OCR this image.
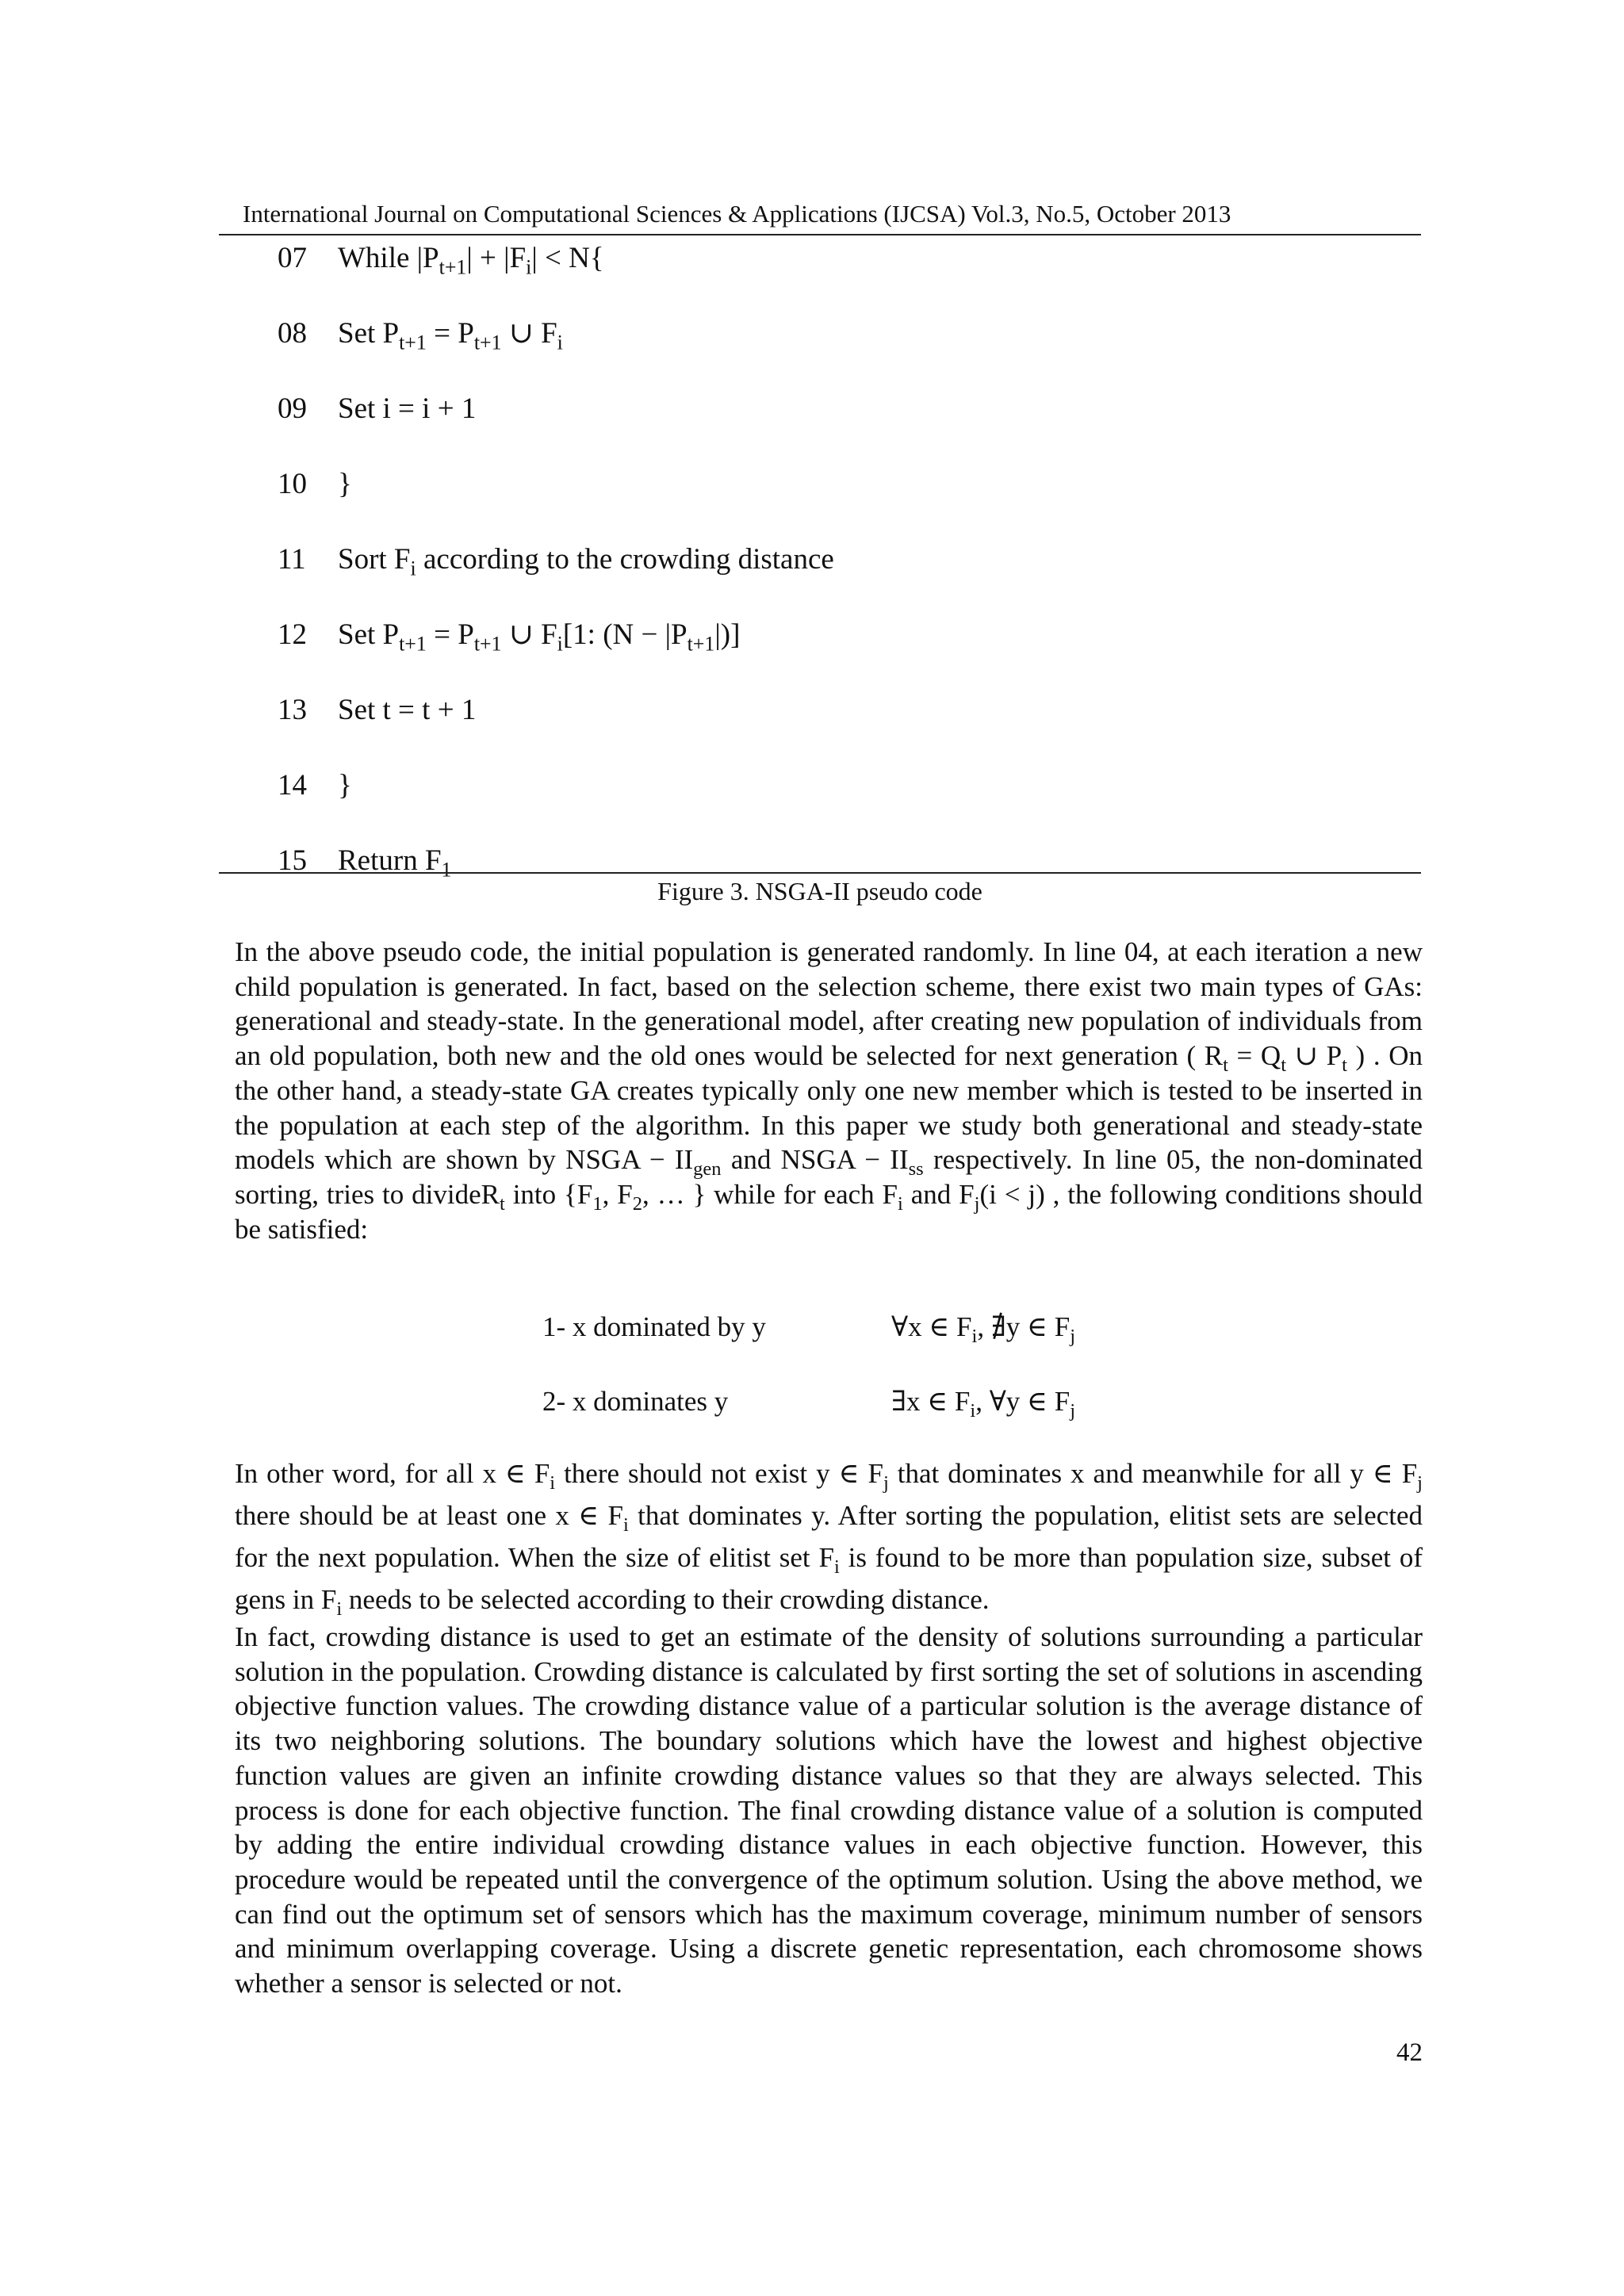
International Journal on Computational Sciences & Applications (IJCSA) Vol.3, No.5, October 2013
07	While $|P_{t+1}| + |F_i| < N${
08	Set $P_{t+1} = P_{t+1}$ ∪ $F_i$
09	Set i = i + 1
10	}
11	Sort $F_i$ according to the crowding distance
12	Set $P_{t+1} = P_{t+1}$ ∪ $F_i[1$: $(N - |P_{t+1}|)$]
13	Set t = t + 1
14	}
15	Return $F_1$
Figure 3. NSGA-II pseudo code
In the above pseudo code, the initial population is generated randomly. In line 04, at each iteration a new child population is generated. In fact, based on the selection scheme, there exist two main types of GAs: generational and steady-state. In the generational model, after creating new population of individuals from an old population, both new and the old ones would be selected for next generation ( $R_t = Q_t$ ∪ $P_t$ ) . On the other hand, a steady-state GA creates typically only one new member which is tested to be inserted in the population at each step of the algorithm. In this paper we study both generational and steady-state models which are shown by NSGA − $II_{gen}$ and NSGA − $II_{ss}$ respectively. In line 05, the non-dominated sorting, tries to divideR$_t$ into {$F_1$, $F_2$, … } while for each $F_i$ and $F_j(i < j)$ , the following conditions should be satisfied:
1- x dominated by y	∀x ∈ $F_i$, ∄y ∈ $F_j$
2- x dominates y	∃x ∈ $F_i$, ∀y ∈ $F_j$
In other word, for all x ∈ $F_i$ there should not exist y ∈ $F_j$ that dominates x and meanwhile for all y ∈ $F_j$ there should be at least one x ∈ $F_i$ that dominates y. After sorting the population, elitist sets are selected for the next population. When the size of elitist set $F_i$ is found to be more than population size, subset of gens in $F_i$ needs to be selected according to their crowding distance.
In fact, crowding distance is used to get an estimate of the density of solutions surrounding a particular solution in the population. Crowding distance is calculated by first sorting the set of solutions in ascending objective function values. The crowding distance value of a particular solution is the average distance of its two neighboring solutions. The boundary solutions which have the lowest and highest objective function values are given an infinite crowding distance values so that they are always selected. This process is done for each objective function. The final crowding distance value of a solution is computed by adding the entire individual crowding distance values in each objective function. However, this procedure would be repeated until the convergence of the optimum solution. Using the above method, we can find out the optimum set of sensors which has the maximum coverage, minimum number of sensors and minimum overlapping coverage. Using a discrete genetic representation, each chromosome shows whether a sensor is selected or not.
42
